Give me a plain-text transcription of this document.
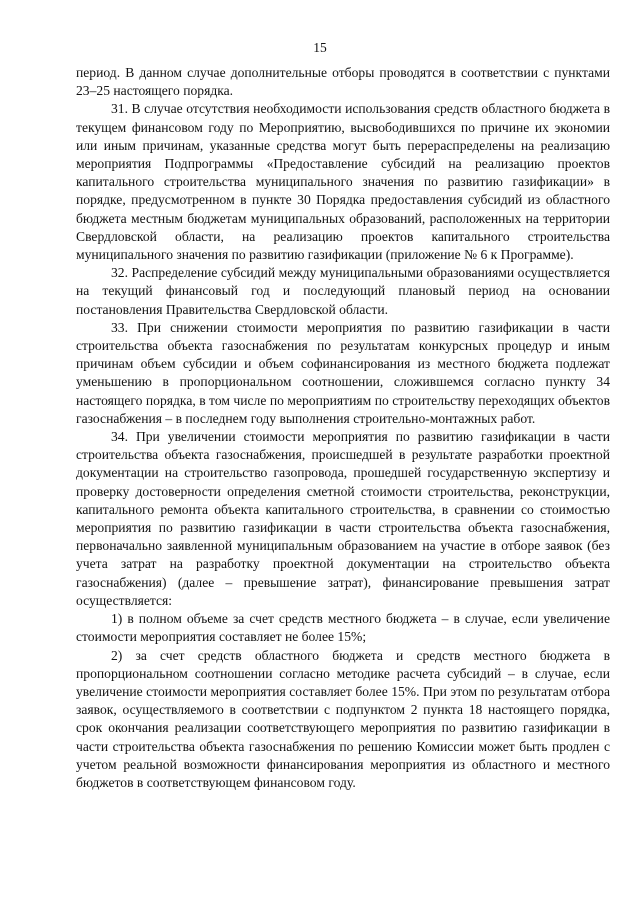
15

период. В данном случае дополнительные отборы проводятся в соответствии с пунктами 23–25 настоящего порядка.

31. В случае отсутствия необходимости использования средств областного бюджета в текущем финансовом году по Мероприятию, высвободившихся по причине их экономии или иным причинам, указанные средства могут быть перераспределены на реализацию мероприятия Подпрограммы «Предоставление субсидий на реализацию проектов капитального строительства муниципального значения по развитию газификации» в порядке, предусмотренном в пункте 30 Порядка предоставления субсидий из областного бюджета местным бюджетам муниципальных образований, расположенных на территории Свердловской области, на реализацию проектов капитального строительства муниципального значения по развитию газификации (приложение № 6 к Программе).

32. Распределение субсидий между муниципальными образованиями осуществляется на текущий финансовый год и последующий плановый период на основании постановления Правительства Свердловской области.

33. При снижении стоимости мероприятия по развитию газификации в части строительства объекта газоснабжения по результатам конкурсных процедур и иным причинам объем субсидии и объем софинансирования из местного бюджета подлежат уменьшению в пропорциональном соотношении, сложившемся согласно пункту 34 настоящего порядка, в том числе по мероприятиям по строительству переходящих объектов газоснабжения – в последнем году выполнения строительно-монтажных работ.

34. При увеличении стоимости мероприятия по развитию газификации в части строительства объекта газоснабжения, происшедшей в результате разработки проектной документации на строительство газопровода, прошедшей государственную экспертизу и проверку достоверности определения сметной стоимости строительства, реконструкции, капитального ремонта объекта капитального строительства, в сравнении со стоимостью мероприятия по развитию газификации в части строительства объекта газоснабжения, первоначально заявленной муниципальным образованием на участие в отборе заявок (без учета затрат на разработку проектной документации на строительство объекта газоснабжения) (далее – превышение затрат), финансирование превышения затрат осуществляется:

1) в полном объеме за счет средств местного бюджета – в случае, если увеличение стоимости мероприятия составляет не более 15%;

2) за счет средств областного бюджета и средств местного бюджета в пропорциональном соотношении согласно методике расчета субсидий – в случае, если увеличение стоимости мероприятия составляет более 15%. При этом по результатам отбора заявок, осуществляемого в соответствии с подпунктом 2 пункта 18 настоящего порядка, срок окончания реализации соответствующего мероприятия по развитию газификации в части строительства объекта газоснабжения по решению Комиссии может быть продлен с учетом реальной возможности финансирования мероприятия из областного и местного бюджетов в соответствующем финансовом году.
